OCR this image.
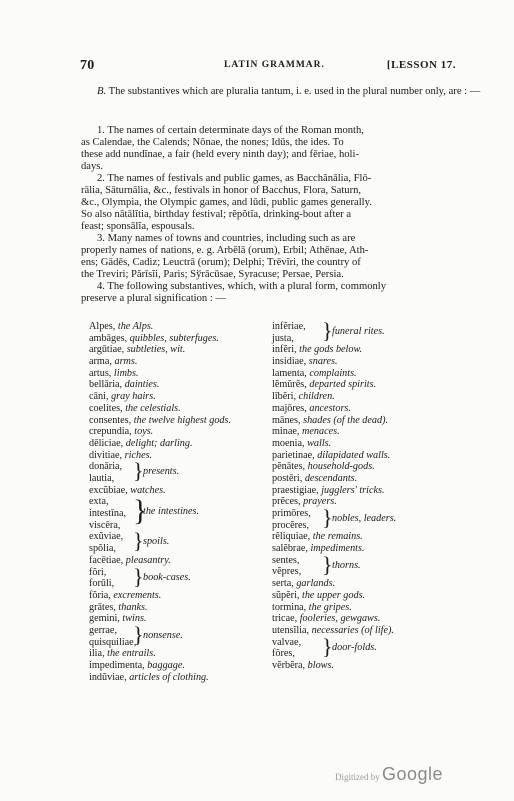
70	LATIN GRAMMAR.	[LESSON 17.
B. The substantives which are pluralia tantum, i. e. used in the plural number only, are : —
1. The names of certain determinate days of the Roman month,
as Calendae, the Calends; Nōnae, the nones; Idūs, the ides. To
these add nundĭnae, a fair (held every ninth day); and fēriae, holi-
days.
2. The names of festivals and public games, as Bacchānālia, Flō-
rālia, Sāturnālia, &c., festivals in honor of Bacchus, Flora, Saturn,
&c., Olympia, the Olympic games, and lūdi, public games generally.
So also nātālĭtia, birthday festival; rĕpŏtĭa, drinking-bout after a
feast; sponsālĭa, espousals.
3. Many names of towns and countries, including such as are
properly names of nations, e. g. Arbēlā (orum), Erbil; Athēnae, Ath-
ens; Gādēs, Cadiz; Leuctrā (orum); Delphi; Trēvĭri, the country of
the Treviri; Părīsĭi, Paris; Sўrācūsae, Syracuse; Persae, Persia.
4. The following substantives, which, with a plural form, commonly
preserve a plural signification : —
Alpes, the Alps.
ambāges, quibbles, subterfuges.
argūtiae, subtleties, wit.
arma, arms.
artus, limbs.
bellāria, dainties.
cāni, gray hairs.
coelites, the celestials.
consentes, the twelve highest gods.
crepundia, toys.
dēliciae, delight; darling.
divitiae, riches.
donāria,
lautia, } presents.
excŭbiae, watches.
exta,
intestīna,
viscēra, }
the intestines.
exŭviae,
spŏlia, } spoils.
facētiae, pleasantry.
fŏri,
forūli, } book-cases.
fŏria, excrements.
grātes, thanks.
gemini, twins.
gerrae,
quisquiliae,
} nonsense.
ilia, the entrails.
impedimenta, baggage.
indŭviae, articles of clothing.
infĕriae,
justa,	} funeral rites.
infĕri, the gods below.
insidiae, snares.
lamenta, complaints.
lĕmŭrēs, departed spirits.
lībĕri, children.
majōres, ancestors.
mānes, shades (of the dead).
minae, menaces.
moenia, walls.
parietinae, dilapidated walls.
pĕnātes, household-gods.
postēri, descendants.
praestigiae, jugglers' tricks.
prĕces, prayers.
primōres,
procĕres, } nobles, leaders.
rĕliquiae, the remains.
salĕbrae, impediments.
sentes,
vĕpres, } thorns.
serta, garlands.
sŭpĕri, the upper gods.
tormina, the gripes.
tricae, fooleries, gewgaws.
utensĭlia, necessaries (of life).
valvae,
fŏres,	} door-folds.
vĕrbĕra, blows.
Digitized by Google
